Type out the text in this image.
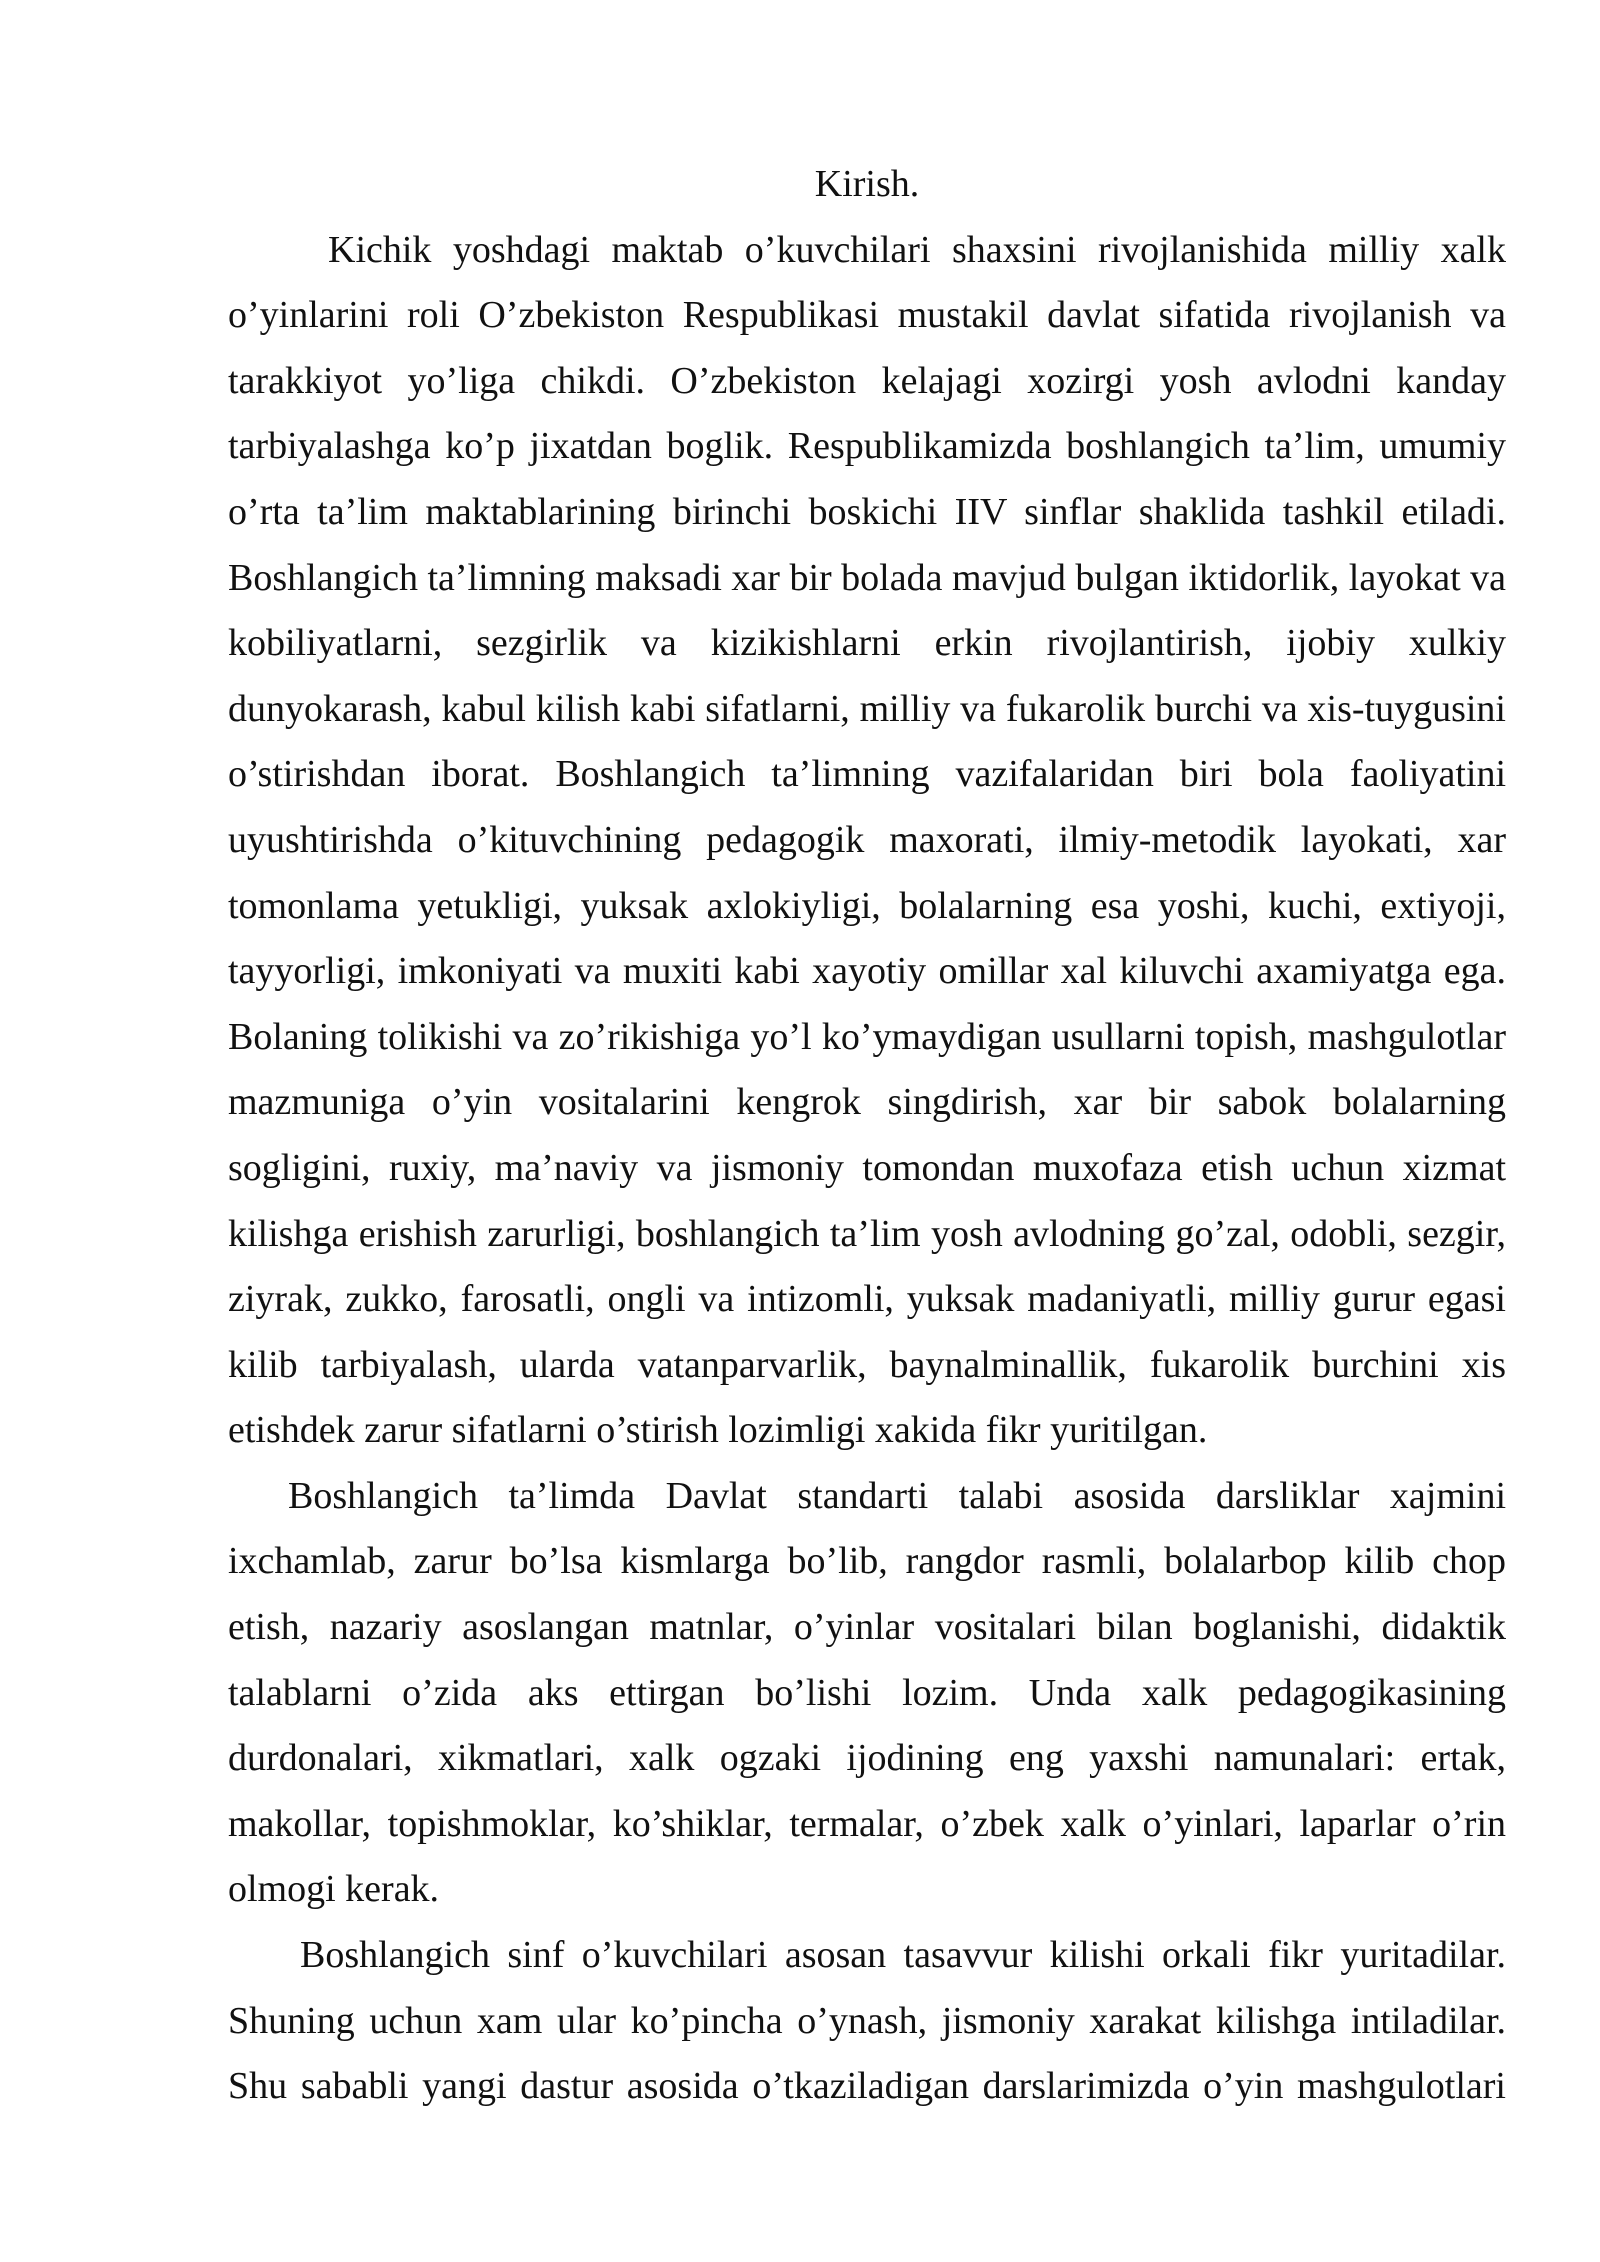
Kirish.

Kichik yoshdagi maktab o’kuvchilari shaxsini rivojlanishida milliy xalk o’yinlarini roli O’zbekiston Respublikasi mustakil davlat sifatida rivojlanish va tarakkiyot yo’liga chikdi. O’zbekiston kelajagi xozirgi yosh avlodni kanday tarbiyalashga ko’p jixatdan boglik. Respublikamizda boshlangich ta’lim, umumiy o’rta ta’lim maktablarining birinchi boskichi IIV sinflar shaklida tashkil etiladi. Boshlangich ta’limning maksadi xar bir bolada mavjud bulgan iktidorlik, layokat va kobiliyatlarni, sezgirlik va kizikishlarni erkin rivojlantirish, ijobiy xulkiy dunyokarash, kabul kilish kabi sifatlarni, milliy va fukarolik burchi va xis-tuygusini o’stirishdan iborat. Boshlangich ta’limning vazifalaridan biri bola faoliyatini uyushtirishda o’kituvchining pedagogik maxorati, ilmiy-metodik layokati, xar tomonlama yetukligi, yuksak axlokiyligi, bolalarning esa yoshi, kuchi, extiyoji, tayyorligi, imkoniyati va muxiti kabi xayotiy omillar xal kiluvchi axamiyatga ega. Bolaning tolikishi va zo’rikishiga yo’l ko’ymaydigan usullarni topish, mashgulotlar mazmuniga o’yin vositalarini kengrok singdirish, xar bir sabok bolalarning sogligini, ruxiy, ma’naviy va jismoniy tomondan muxofaza etish uchun xizmat kilishga erishish zarurligi, boshlangich ta’lim yosh avlodning go’zal, odobli, sezgir, ziyrak, zukko, farosatli, ongli va intizomli, yuksak madaniyatli, milliy gurur egasi kilib tarbiyalash, ularda vatanparvarlik, baynalminallik, fukarolik burchini xis etishdek zarur sifatlarni o’stirish lozimligi xakida fikr yuritilgan.

Boshlangich ta’limda Davlat standarti talabi asosida darsliklar xajmini ixchamlab, zarur bo’lsa kismlarga bo’lib, rangdor rasmli, bolalarbop kilib chop etish, nazariy asoslangan matnlar, o’yinlar vositalari bilan boglanishi, didaktik talablarni o’zida aks ettirgan bo’lishi lozim. Unda xalk pedagogikasining durdonalari, xikmatlari, xalk ogzaki ijodining eng yaxshi namunalari: ertak, makollar, topishmoklar, ko’shiklar, termalar, o’zbek xalk o’yinlari, laparlar o’rin olmogi kerak.

Boshlangich sinf o’kuvchilari asosan tasavvur kilishi orkali fikr yuritadilar. Shuning uchun xam ular ko’pincha o’ynash, jismoniy xarakat kilishga intiladilar. Shu sababli yangi dastur asosida o’tkaziladigan darslarimizda o’yin mashgulotlari
